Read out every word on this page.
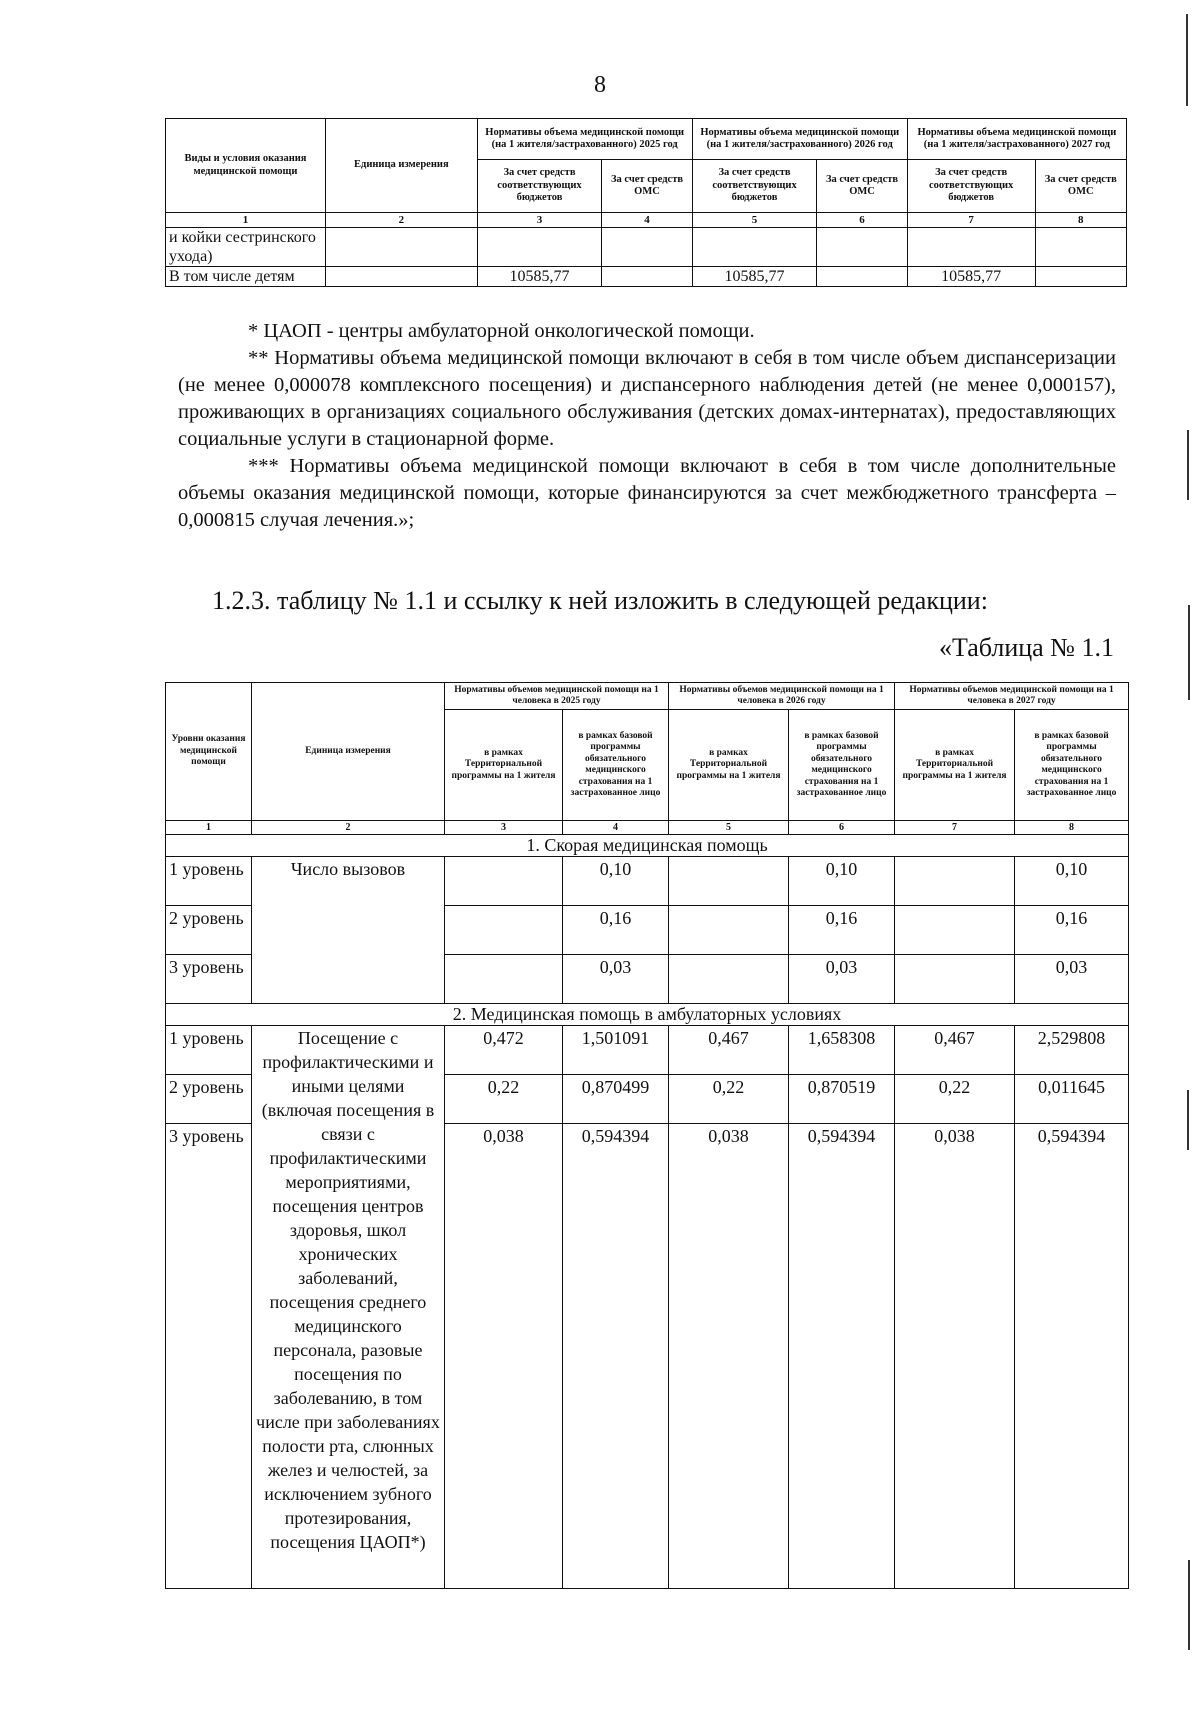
8
Виды и условия оказания медицинской помощи	Единица измерения	Нормативы объема медицинской помощи (на 1 жителя/застрахованного) 2025 год		Нормативы объема медицинской помощи (на 1 жителя/застрахованного) 2026 год		Нормативы объема медицинской помощи (на 1 жителя/застрахованного) 2027 год	
		За счет средств соответствующих бюджетов	За счет средств ОМС	За счет средств соответствующих бюджетов	За счет средств ОМС	За счет средств соответствующих бюджетов	За счет средств ОМС
1	2	3	4	5	6	7	8
и койки сестринского ухода)							
В том числе детям		10585,77		10585,77		10585,77	

* ЦАОП - центры амбулаторной онкологической помощи.

** Нормативы объема медицинской помощи включают в себя в том числе объем диспансеризации (не менее 0,000078 комплексного посещения) и диспансерного наблюдения детей (не менее 0,000157), проживающих в организациях социального обслуживания (детских домах-интернатах), предоставляющих социальные услуги в стационарной форме.

*** Нормативы объема медицинской помощи включают в себя в том числе дополнительные объемы оказания медицинской помощи, которые финансируются за счет межбюджетного трансферта – 0,000815 случая лечения.»;

1.2.3. таблицу № 1.1 и ссылку к ней изложить в следующей редакции:
«Таблица № 1.1
Уровни оказания медицинской помощи	Единица измерения	Нормативы объемов медицинской помощи на 1 человека в 2025 году		Нормативы объемов медицинской помощи на 1 человека в 2026 году		Нормативы объемов медицинской помощи на 1 человека в 2027 году	
		в рамках Территориальной программы на 1 жителя	в рамках базовой программы обязательного медицинского страхования на 1 застрахованное лицо	в рамках Территориальной программы на 1 жителя	в рамках базовой программы обязательного медицинского страхования на 1 застрахованное лицо	в рамках Территориальной программы на 1 жителя	в рамках базовой программы обязательного медицинского страхования на 1 застрахованное лицо
1	2	3	4	5	6	7	8
1. Скорая медицинская помощь							
1 уровень	Число вызовов		0,10		0,10		0,10
2 уровень			0,16		0,16		0,16
3 уровень			0,03		0,03		0,03
2. Медицинская помощь в амбулаторных условиях							
1 уровень	Посещение с профилактическими и иными целями (включая посещения в связи с профилактическими мероприятиями, посещения центров здоровья, школ хронических заболеваний, посещения среднего медицинского персонала, разовые посещения по заболеванию, в том числе при заболеваниях полости рта, слюнных желез и челюстей, за исключением зубного протезирования, посещения ЦАОП*)	0,472	1,501091	0,467	1,658308	0,467	2,529808
2 уровень		0,22	0,870499	0,22	0,870519	0,22	0,011645
3 уровень		0,038	0,594394	0,038	0,594394	0,038	0,594394
